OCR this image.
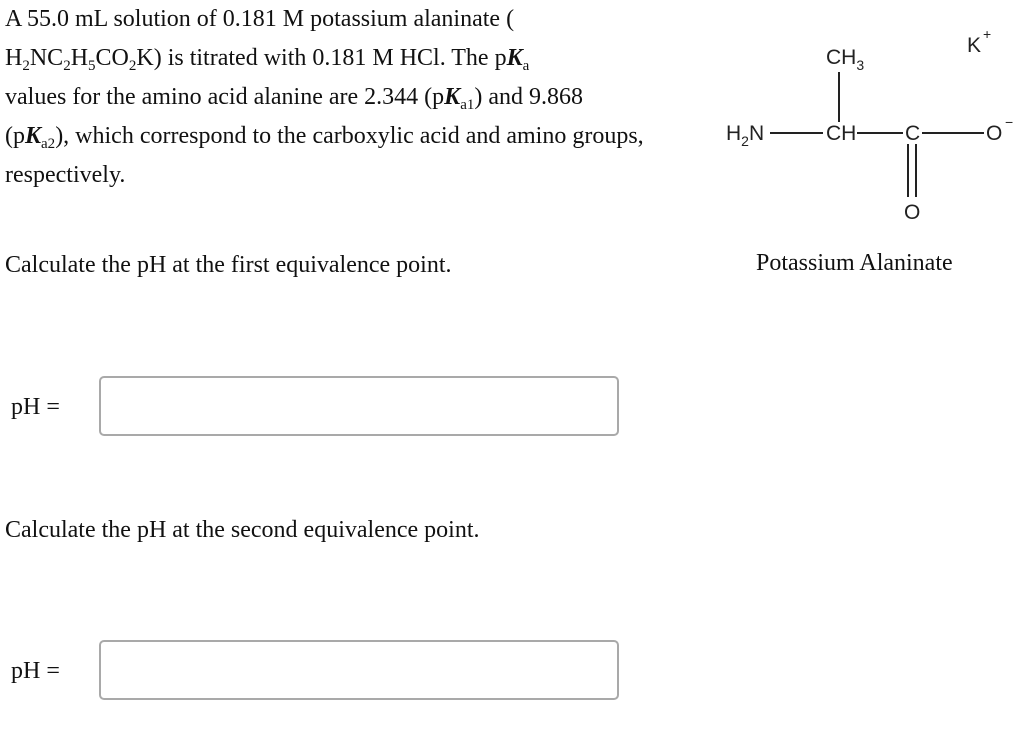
A 55.0 mL solution of 0.181 M potassium alaninate (
$H_2NC_2H_5CO_2K$) is titrated with 0.181 M HCl. The $pK_a$
values for the amino acid alanine are 2.344 $(pK_{a1})$ and 9.868
$(pK_{a2})$, which correspond to the carboxylic acid and amino groups, respectively.

K +
$CH_3$
$H_2N$	CH C	O −
O
Potassium Alaninate
Calculate the pH at the first equivalence point.
pH =
Calculate the pH at the second equivalence point.
pH =
